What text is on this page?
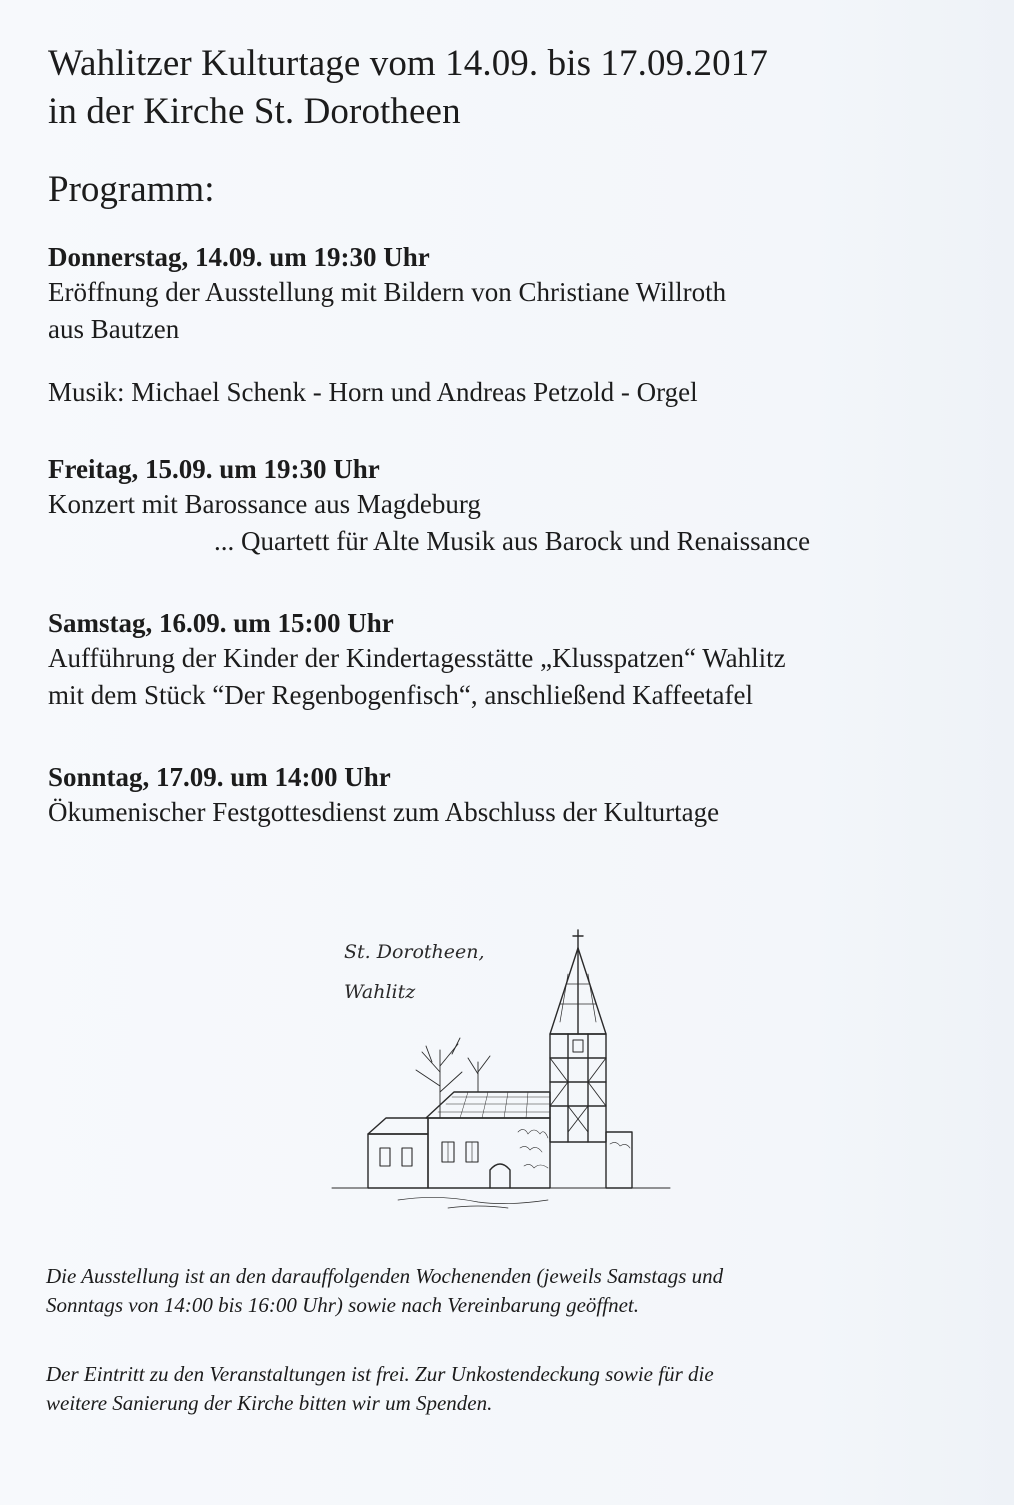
Wahlitzer Kulturtage vom 14.09. bis 17.09.2017
in der Kirche St. Dorotheen
Programm:

Donnerstag, 14.09. um 19:30 Uhr

Eröffnung der Ausstellung mit Bildern von Christiane Willroth
aus Bautzen

Musik: Michael Schenk - Horn und Andreas Petzold - Orgel

Freitag, 15.09. um 19:30 Uhr

Konzert mit Barossance aus Magdeburg
... Quartett für Alte Musik aus Barock und Renaissance

Samstag, 16.09. um 15:00 Uhr

Aufführung der Kinder der Kindertagesstätte „Klusspatzen“ Wahlitz
mit dem Stück “Der Regenbogenfisch“, anschließend Kaffeetafel

Sonntag, 17.09. um 14:00 Uhr

Ökumenischer Festgottesdienst zum Abschluss der Kulturtage

St. Dorotheen,
Wahlitz

Die Ausstellung ist an den darauffolgenden Wochenenden (jeweils Samstags und
Sonntags von 14:00 bis 16:00 Uhr) sowie nach Vereinbarung geöffnet.

Der Eintritt zu den Veranstaltungen ist frei. Zur Unkostendeckung sowie für die
weitere Sanierung der Kirche bitten wir um Spenden.
